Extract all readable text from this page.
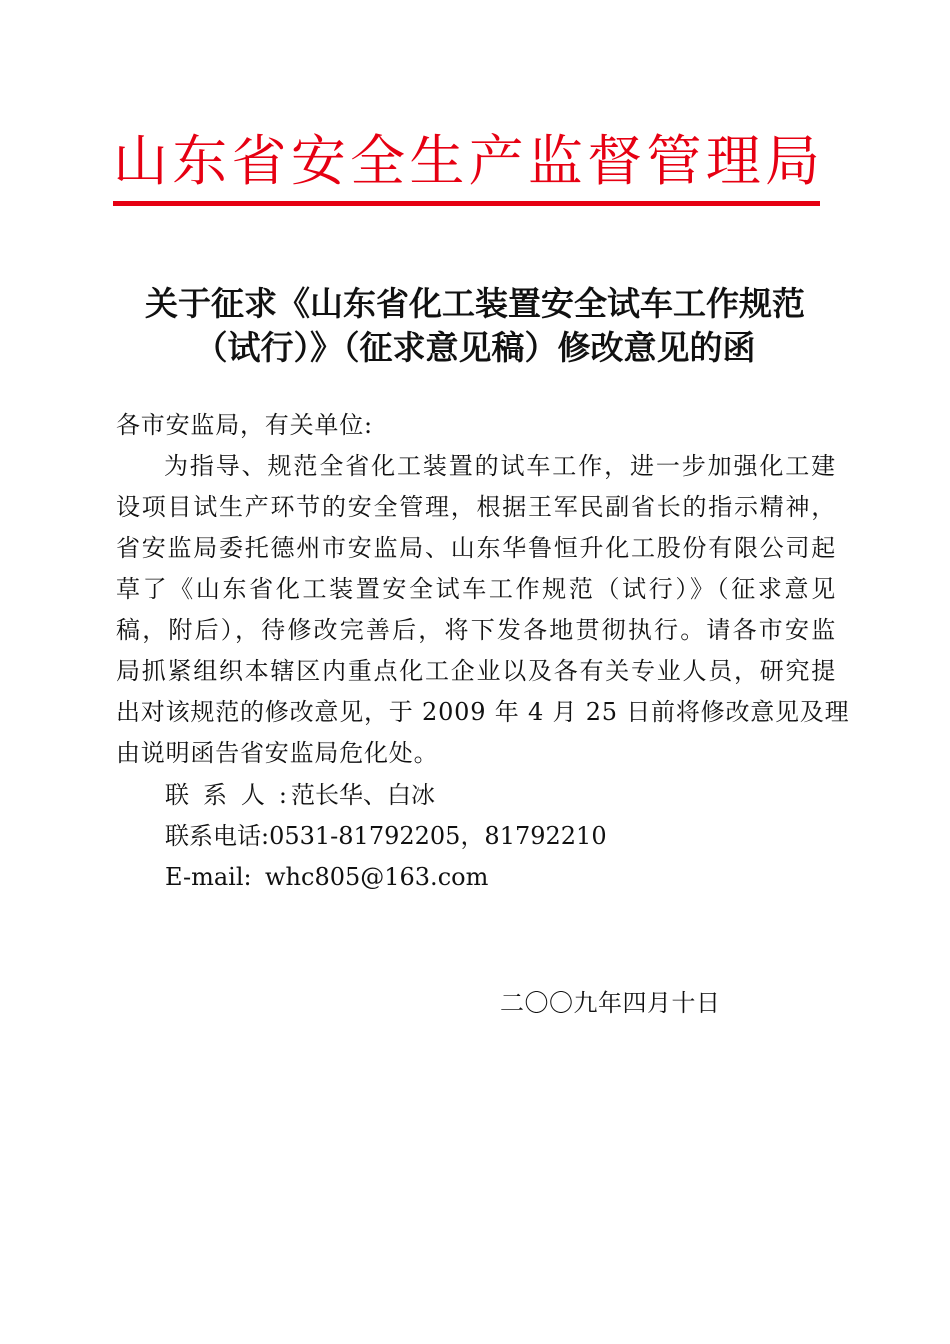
山东省安全生产监督管理局
关于征求《山东省化工装置安全试车工作规范
（试行）》（征求意见稿）修改意见的函
各市安监局，有关单位:
为指导、规范全省化工装置的试车工作，进一步加强化工建
设项目试生产环节的安全管理，根据王军民副省长的指示精神，
省安监局委托德州市安监局、山东华鲁恒升化工股份有限公司起
草了《山东省化工装置安全试车工作规范（试行）》（征求意见
稿，附后），待修改完善后，将下发各地贯彻执行。请各市安监
局抓紧组织本辖区内重点化工企业以及各有关专业人员，研究提
出对该规范的修改意见，于 2009 年 4 月 25 日前将修改意见及理
由说明函告省安监局危化处。
联系人: 范长华、白冰
联系电话:0531-81792205，81792210
E-mail: whc805@163.com
二〇〇九年四月十日
